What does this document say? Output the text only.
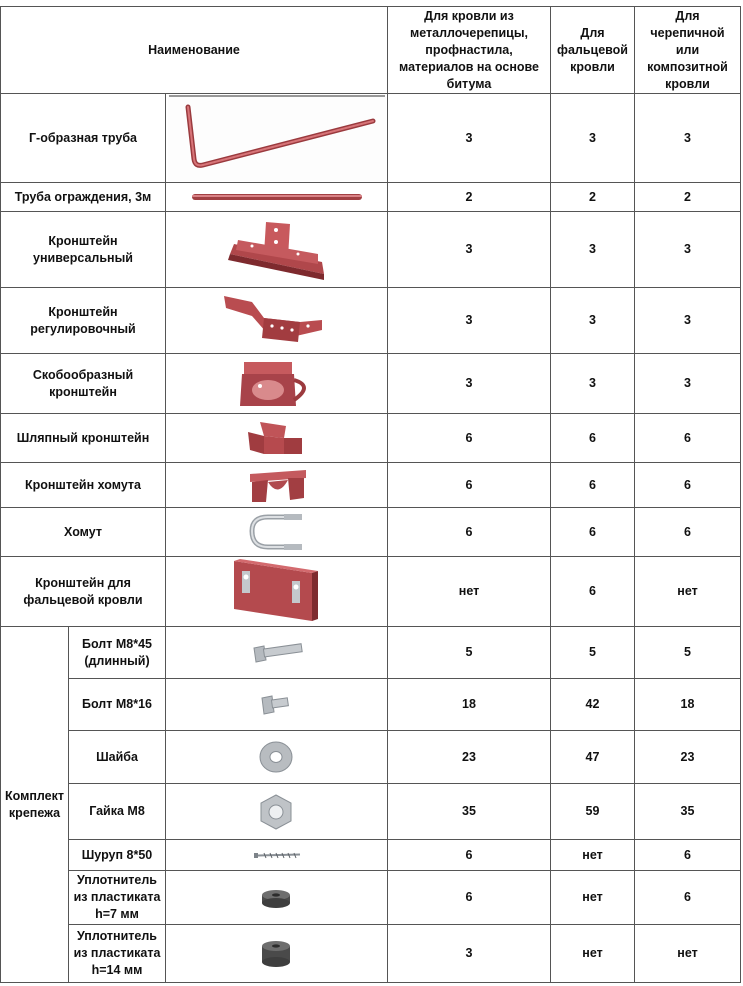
Наименование			Для кровли из металлочерепицы, профнастила, материалов на основе битума	Для фальцевой кровли	Для черепичной или композитной кровли
Г-образная труба			3	3	3
Труба ограждения, 3м			2	2	2
Кронштейн универсальный			3	3	3
Кронштейн регулировочный			3	3	3
Скобообразный кронштейн			3	3	3
Шляпный кронштейн			6	6	6
Кронштейн хомута			6	6	6
Хомут			6	6	6
Кронштейн для фальцевой кровли			нет	6	нет
Комплект крепежа	Болт М8*45 (длинный)		5	5	5
	Болт М8*16		18	42	18
	Шайба		23	47	23
	Гайка М8		35	59	35
	Шуруп 8*50		6	нет	6
	Уплотнитель из пластиката h=7 мм		6	нет	6
	Уплотнитель из пластиката h=14 мм		3	нет	нет
